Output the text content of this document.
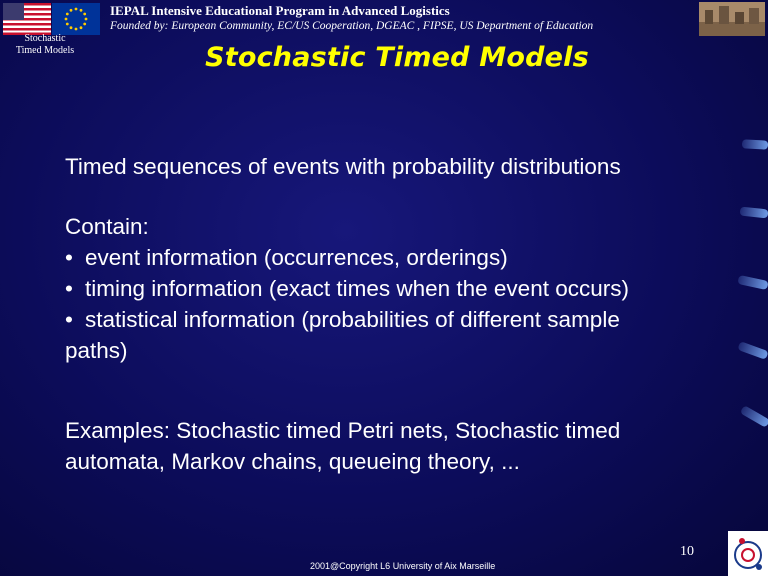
IEPAL Intensive Educational Program in Advanced Logistics
Founded by: European Community, EC/US Cooperation, DGEAC , FIPSE, US Department of Education
Stochastic
Timed Models	Stochastic Timed Models
Timed sequences of events with probability distributions
Contain:
• event information (occurrences, orderings)
• timing information (exact times when the event occurs)
• statistical information (probabilities of different sample
paths)
Examples: Stochastic timed Petri nets, Stochastic timed
automata, Markov chains, queueing theory, ...
10
2001@Copyright L6 University of Aix Marseille
